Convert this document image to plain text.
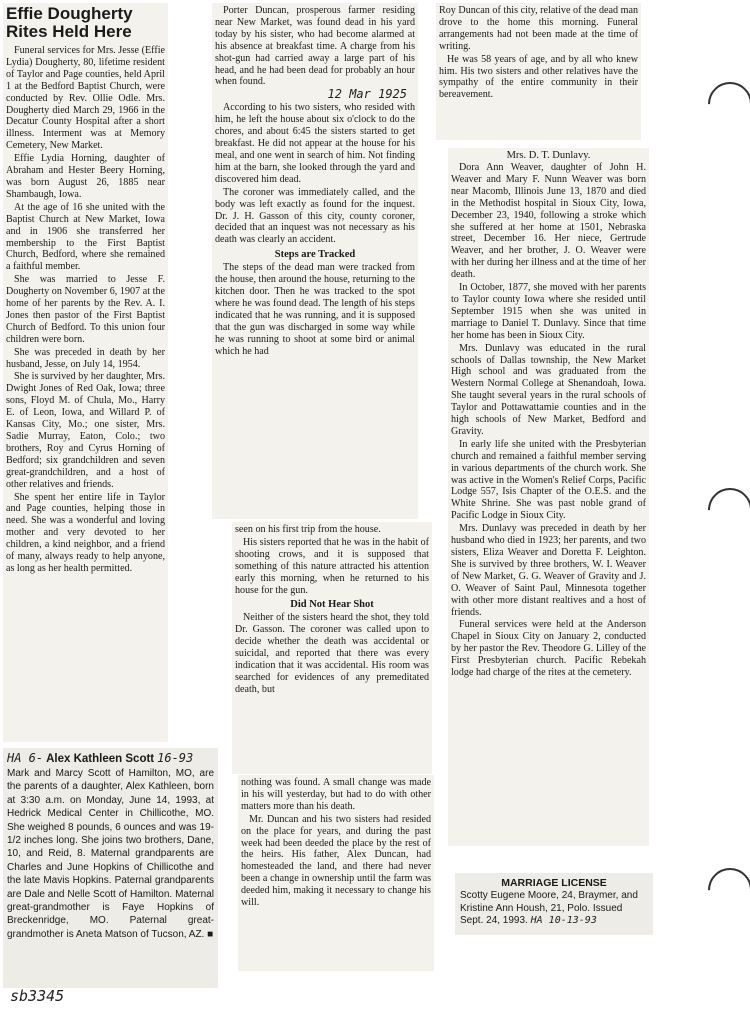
Effie Dougherty
Rites Held Here

Funeral services for Mrs. Jesse (Effie Lydia) Dougherty, 80, lifetime resident of Taylor and Page counties, held April 1 at the Bedford Baptist Church, were conducted by Rev. Ollie Odle. Mrs. Dougherty died March 29, 1966 in the Decatur County Hospital after a short illness. Interment was at Memory Cemetery, New Market.

Effie Lydia Horning, daughter of Abraham and Hester Beery Horning, was born August 26, 1885 near Shambaugh, Iowa.

At the age of 16 she united with the Baptist Church at New Market, Iowa and in 1906 she transferred her membership to the First Baptist Church, Bedford, where she remained a faithful member.

She was married to Jesse F. Dougherty on November 6, 1907 at the home of her parents by the Rev. A. I. Jones then pastor of the First Baptist Church of Bedford. To this union four children were born.

She was preceded in death by her husband, Jesse, on July 14, 1954.

She is survived by her daughter, Mrs. Dwight Jones of Red Oak, Iowa; three sons, Floyd M. of Chula, Mo., Harry E. of Leon, Iowa, and Willard P. of Kansas City, Mo.; one sister, Mrs. Sadie Murray, Eaton, Colo.; two brothers, Roy and Cyrus Horning of Bedford; six grandchildren and seven great-grandchildren, and a host of other relatives and friends.

She spent her entire life in Taylor and Page counties, helping those in need. She was a wonderful and loving mother and very devoted to her children, a kind neighbor, and a friend of many, always ready to help anyone, as long as her health permitted.

HA 6- Alex Kathleen Scott 16-93

Mark and Marcy Scott of Hamilton, MO, are the parents of a daughter, Alex Kathleen, born at 3:30 a.m. on Monday, June 14, 1993, at Hedrick Medical Center in Chillicothe, MO. She weighed 8 pounds, 6 ounces and was 19-1/2 inches long. She joins two brothers, Dane, 10, and Reid, 8. Maternal grandparents are Charles and June Hopkins of Chillicothe and the late Mavis Hopkins. Paternal grandparents are Dale and Nelle Scott of Hamilton. Maternal great-grandmother is Faye Hopkins of Breckenridge, MO. Paternal great-grandmother is Aneta Matson of Tucson, AZ. ■

sb3345

Porter Duncan, prosperous farmer residing near New Market, was found dead in his yard today by his sister, who had become alarmed at his absence at breakfast time. A charge from his shot-gun had carried away a large part of his head, and he had been dead for probably an hour when found.

12 Mar 1925

According to his two sisters, who resided with him, he left the house about six o'clock to do the chores, and about 6:45 the sisters started to get breakfast. He did not appear at the house for his meal, and one went in search of him. Not finding him at the barn, she looked through the yard and discovered him dead.

The coroner was immediately called, and the body was left exactly as found for the inquest. Dr. J. H. Gasson of this city, county coroner, decided that an inquest was not necessary as his death was clearly an accident.

Steps are Tracked

The steps of the dead man were tracked from the house, then around the house, returning to the kitchen door. Then he was tracked to the spot where he was found dead. The length of his steps indicated that he was running, and it is supposed that the gun was discharged in some way while he was running to shoot at some bird or animal which he had

seen on his first trip from the house.

His sisters reported that he was in the habit of shooting crows, and it is supposed that something of this nature attracted his attention early this morning, when he returned to his house for the gun.

Did Not Hear Shot

Neither of the sisters heard the shot, they told Dr. Gasson. The coroner was called upon to decide whether the death was accidental or suicidal, and reported that there was every indication that it was accidental. His room was searched for evidences of any premeditated death, but

nothing was found. A small change was made in his will yesterday, but had to do with other matters more than his death.

Mr. Duncan and his two sisters had resided on the place for years, and during the past week had been deeded the place by the rest of the heirs. His father, Alex Duncan, had homesteaded the land, and there had never been a change in ownership until the farm was deeded him, making it necessary to change his will.

Roy Duncan of this city, relative of the dead man drove to the home this morning. Funeral arrangements had not been made at the time of writing.

He was 58 years of age, and by all who knew him. His two sisters and other relatives have the sympathy of the entire community in their bereavement.

Mrs. D. T. Dunlavy.

Dora Ann Weaver, daughter of John H. Weaver and Mary F. Nunn Weaver was born near Macomb, Illinois June 13, 1870 and died in the Methodist hospital in Sioux City, Iowa, December 23, 1940, following a stroke which she suffered at her home at 1501, Nebraska street, December 16. Her niece, Gertrude Weaver, and her brother, J. O. Weaver were with her during her illness and at the time of her death.

In October, 1877, she moved with her parents to Taylor county Iowa where she resided until September 1915 when she was united in marriage to Daniel T. Dunlavy. Since that time her home has been in Sioux City.

Mrs. Dunlavy was educated in the rural schools of Dallas township, the New Market High school and was graduated from the Western Normal College at Shenandoah, Iowa. She taught several years in the rural schools of Taylor and Pottawattamie counties and in the high schools of New Market, Bedford and Gravity.

In early life she united with the Presbyterian church and remained a faithful member serving in various departments of the church work. She was active in the Women's Relief Corps, Pacific Lodge 557, Isis Chapter of the O.E.S. and the White Shrine. She was past noble grand of Pacific Lodge in Sioux City.

Mrs. Dunlavy was preceded in death by her husband who died in 1923; her parents, and two sisters, Eliza Weaver and Doretta F. Leighton. She is survived by three brothers, W. I. Weaver of New Market, G. G. Weaver of Gravity and J. O. Weaver of Saint Paul, Minnesota together with other more distant realtives and a host of friends.

Funeral services were held at the Anderson Chapel in Sioux City on January 2, conducted by her pastor the Rev. Theodore G. Lilley of the First Presbyterian church. Pacific Rebekah lodge had charge of the rites at the cemetery.

MARRIAGE LICENSE

Scotty Eugene Moore, 24, Braymer, and Kristine Ann Housh, 21, Polo. Issued Sept. 24, 1993. HA 10-13-93
